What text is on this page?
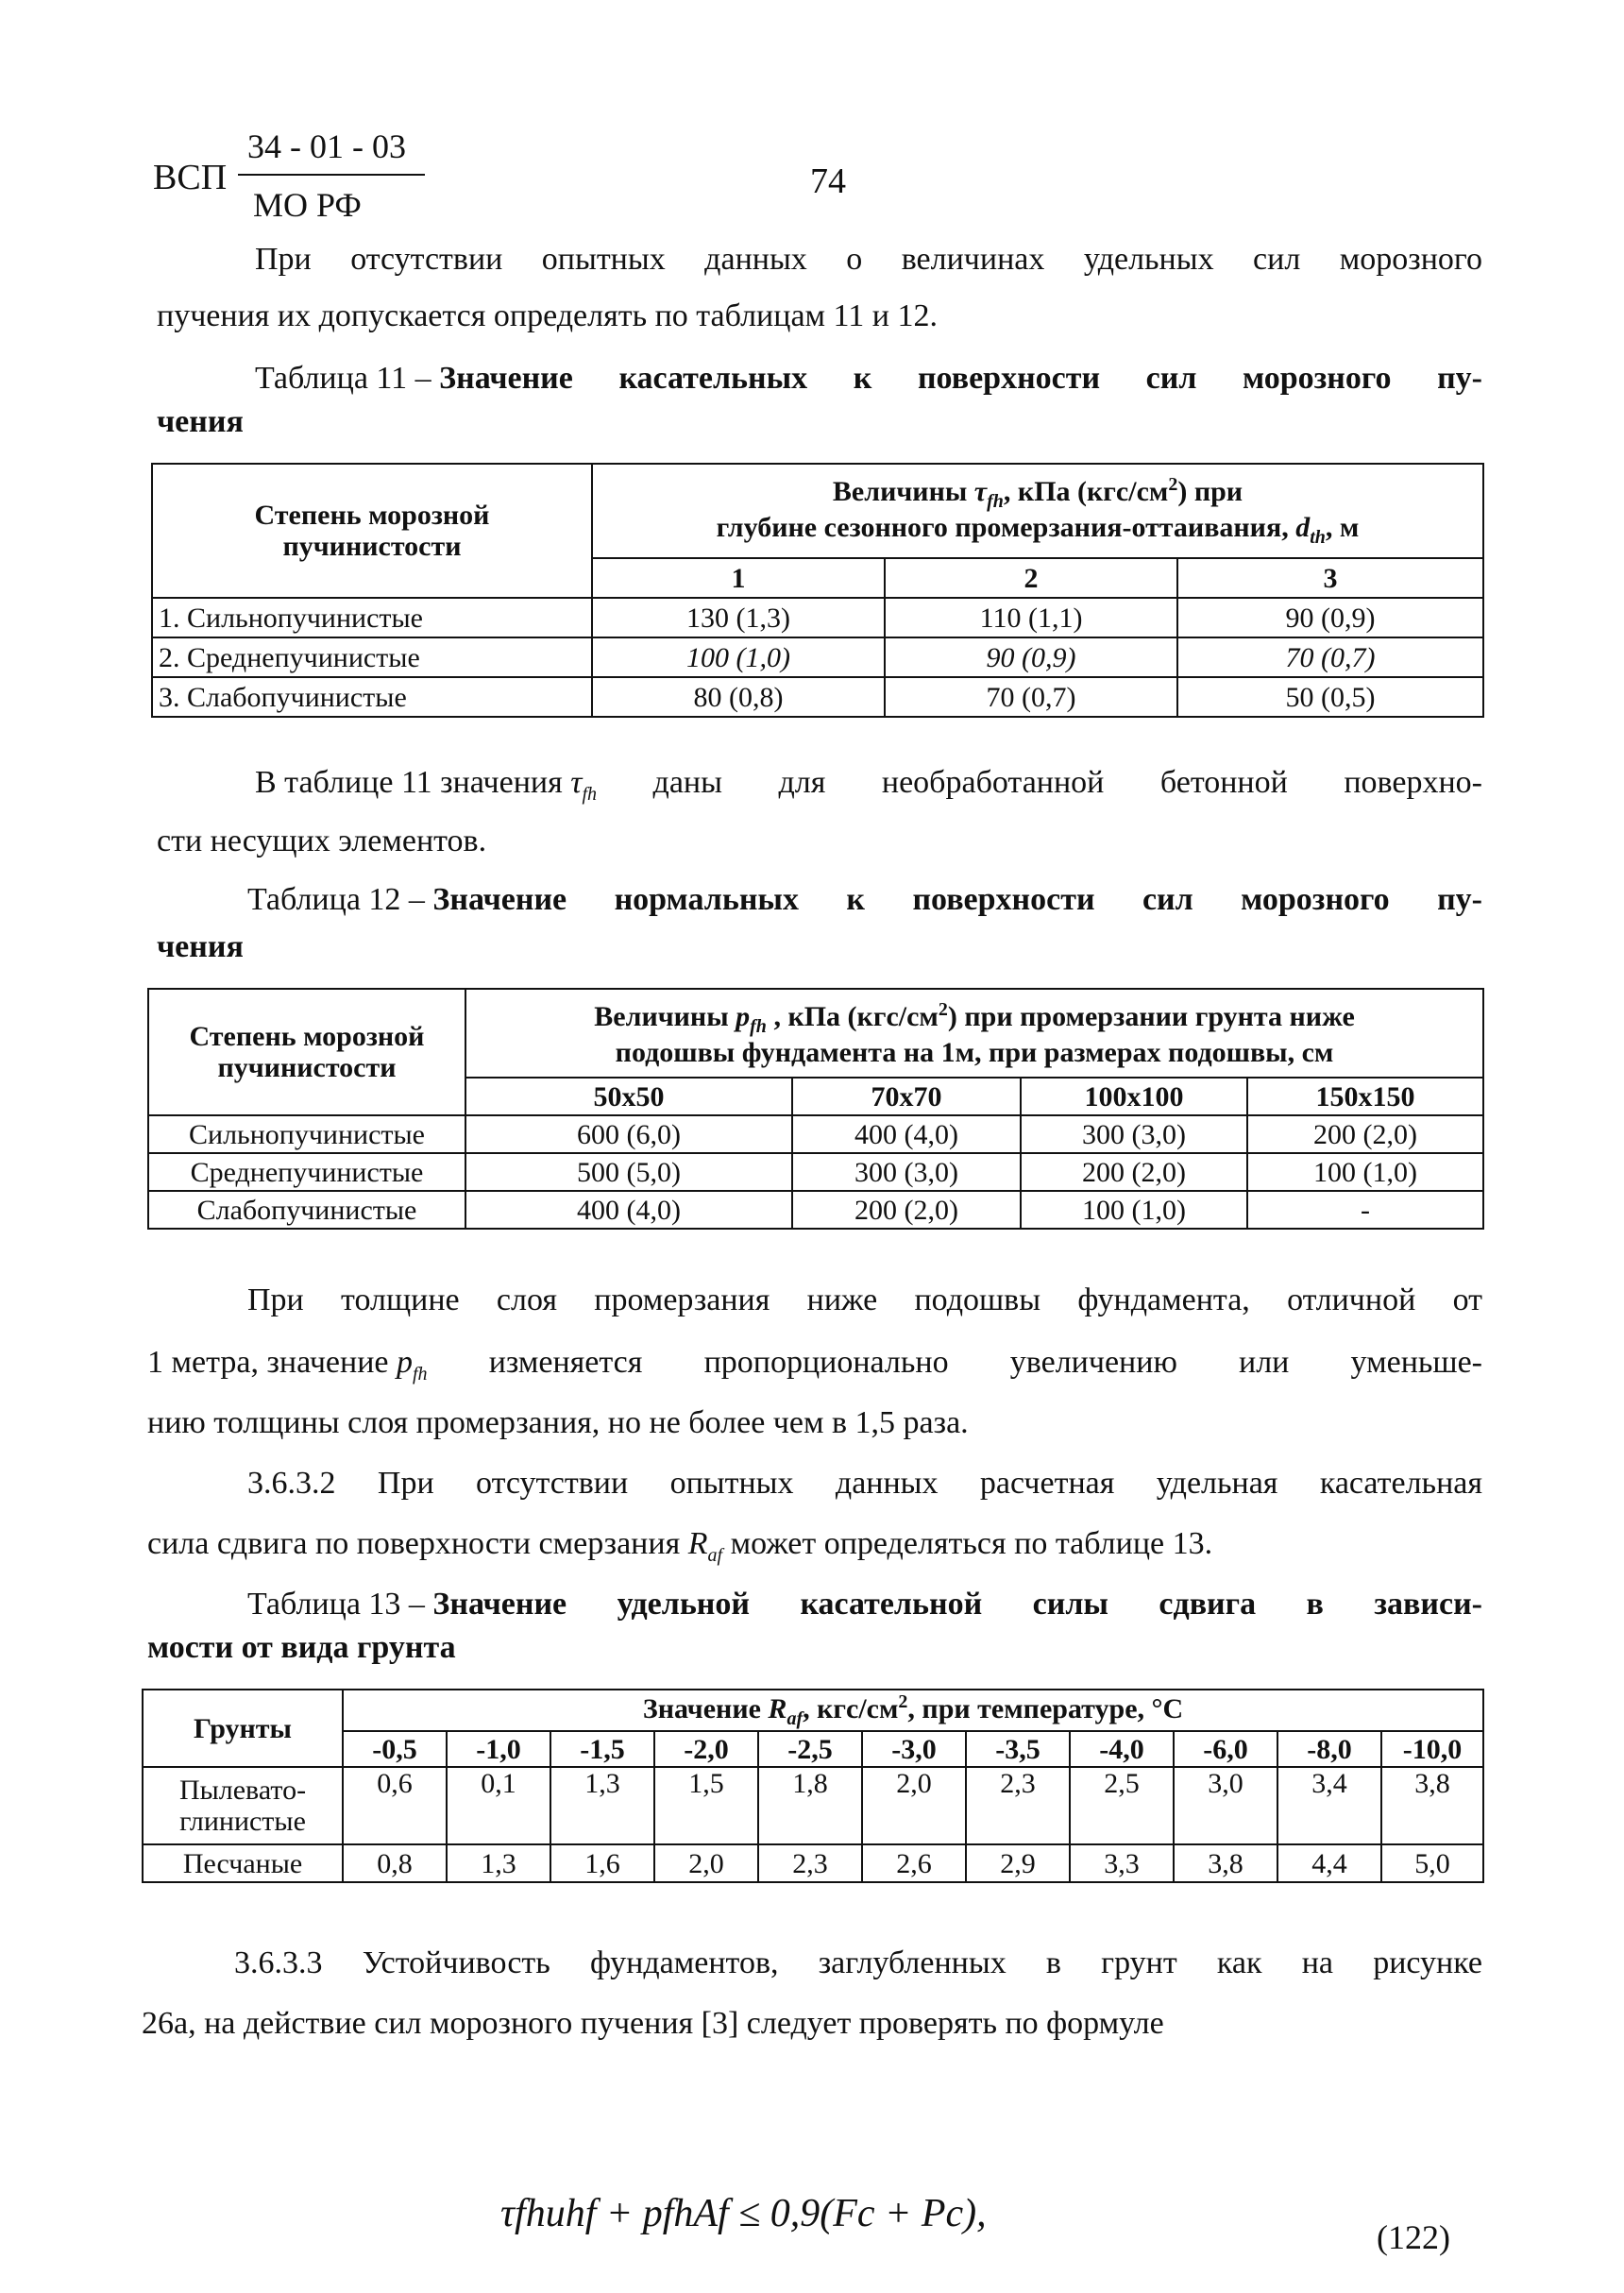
ВСП
34 - 01 - 03
МО РФ
74
При отсутствии опытных данных о величинах удельных сил морозного
пучения их допускается определять по таблицам 11 и 12.
Таблица 11 – Значение касательных к поверхности сил морозного пу-
чения
Степень морозной
пучинистости	Величины $\tau_{fh}$, кПа $(кгс/см^2)$ при
глубине сезонного промерзания-оттаивания, $d_{th}$, м		
	1	2	3
1. Сильнопучинистые	130 (1,3)	110 (1,1)	90 (0,9)
2. Среднепучинистые	100 (1,0)	90 (0,9)	70 (0,7)
3. Слабопучинистые	80 (0,8)	70 (0,7)	50 (0,5)
В таблице 11 значения $\tau_{fh}$ даны для необработанной бетонной поверхно-
сти несущих элементов.
Таблица 12 – Значение нормальных к поверхности сил морозного пу-
чения
Степень морозной
пучинистости	Величины $p_{fh}$ , кПа $(кгс/см^2)$ при промерзании грунта ниже
подошвы фундамента на 1м, при размерах подошвы, см			
	50x50	70x70	100x100	150x150
Сильнопучинистые	600 (6,0)	400 (4,0)	300 (3,0)	200 (2,0)
Среднепучинистые	500 (5,0)	300 (3,0)	200 (2,0)	100 (1,0)
Слабопучинистые	400 (4,0)	200 (2,0)	100 (1,0)	-
При толщине слоя промерзания ниже подошвы фундамента, отличной от
1 метра, значение $p_{fh}$ изменяется пропорционально увеличению или уменьше-
нию толщины слоя промерзания, но не более чем в 1,5 раза.
3.6.3.2 При отсутствии опытных данных расчетная удельная касательная
сила сдвига по поверхности смерзания $R_{af}$ может определяться по таблице 13.
Таблица 13 – Значение удельной касательной силы сдвига в зависи-
мости от вида грунта
Грунты	Значение $R_{af}$, кгс/$см^2$, при температуре, °С										
	-0,5	-1,0	-1,5	-2,0	-2,5	-3,0	-3,5	-4,0	-6,0	-8,0	-10,0
Пылевато-
глинистые	0,6	0,1	1,3	1,5	1,8	2,0	2,3	2,5	3,0	3,4	3,8
Песчаные	0,8	1,3	1,6	2,0	2,3	2,6	2,9	3,3	3,8	4,4	5,0
3.6.3.3 Устойчивость фундаментов, заглубленных в грунт как на рисунке
26а, на действие сил морозного пучения [3] следует проверять по формуле
τfhuhf + pfhAf ≤ 0,9(Fc + Pc),
(122)
